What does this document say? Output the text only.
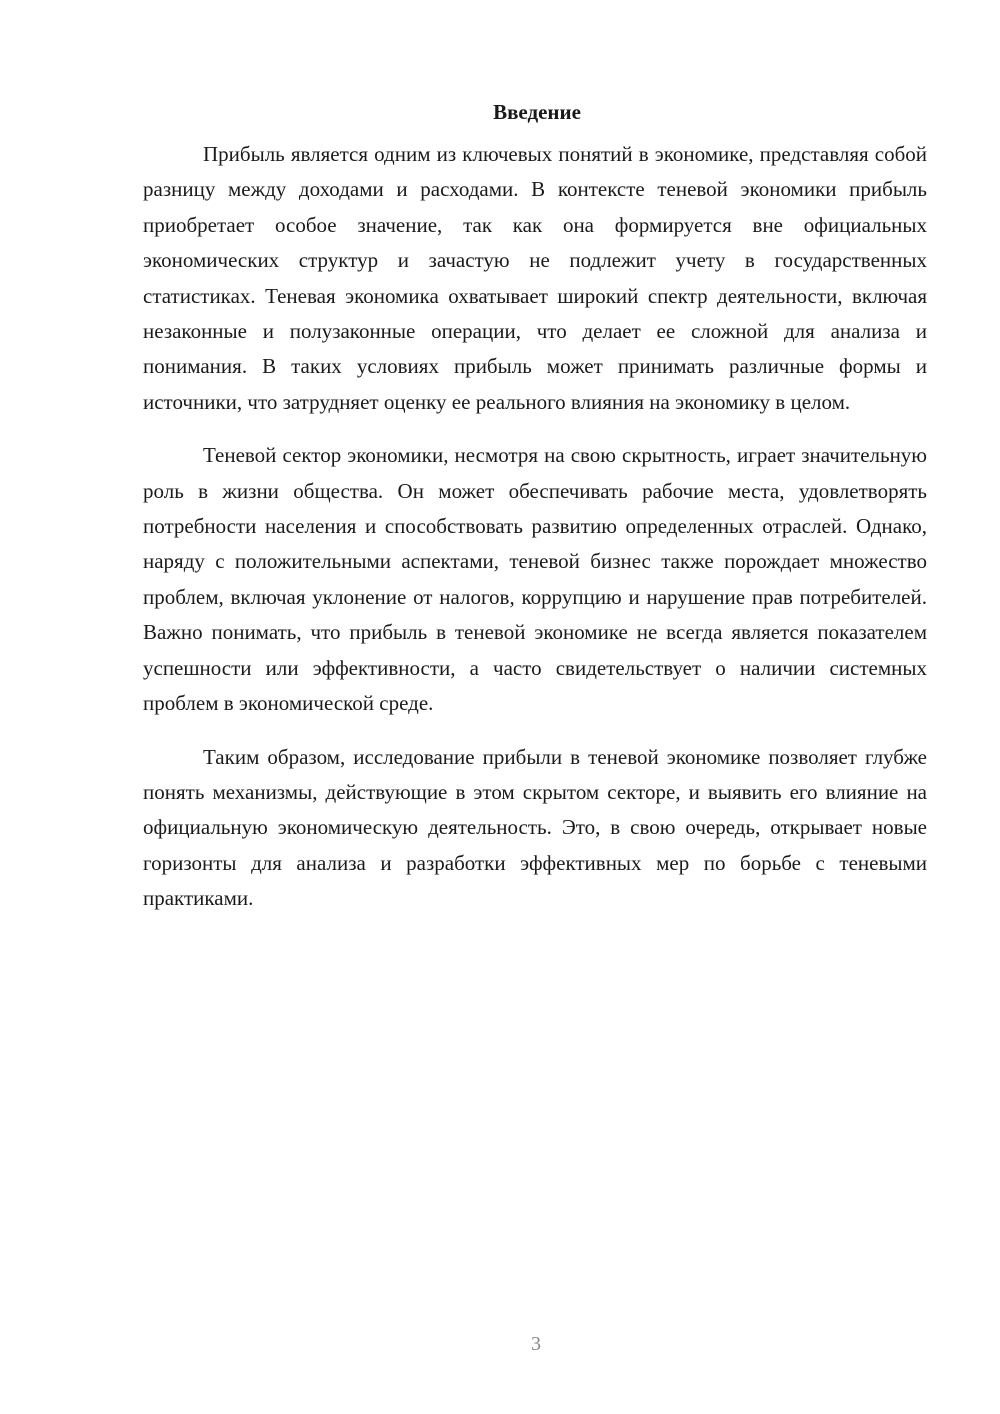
Введение

Прибыль является одним из ключевых понятий в экономике, представляя собой разницу между доходами и расходами. В контексте теневой экономики прибыль приобретает особое значение, так как она формируется вне официальных экономических структур и зачастую не подлежит учету в государственных статистиках. Теневая экономика охватывает широкий спектр деятельности, включая незаконные и полузаконные операции, что делает ее сложной для анализа и понимания. В таких условиях прибыль может принимать различные формы и источники, что затрудняет оценку ее реального влияния на экономику в целом.

Теневой сектор экономики, несмотря на свою скрытность, играет значительную роль в жизни общества. Он может обеспечивать рабочие места, удовлетворять потребности населения и способствовать развитию определенных отраслей. Однако, наряду с положительными аспектами, теневой бизнес также порождает множество проблем, включая уклонение от налогов, коррупцию и нарушение прав потребителей. Важно понимать, что прибыль в теневой экономике не всегда является показателем успешности или эффективности, а часто свидетельствует о наличии системных проблем в экономической среде.

Таким образом, исследование прибыли в теневой экономике позволяет глубже понять механизмы, действующие в этом скрытом секторе, и выявить его влияние на официальную экономическую деятельность. Это, в свою очередь, открывает новые горизонты для анализа и разработки эффективных мер по борьбе с теневыми практиками.

3
